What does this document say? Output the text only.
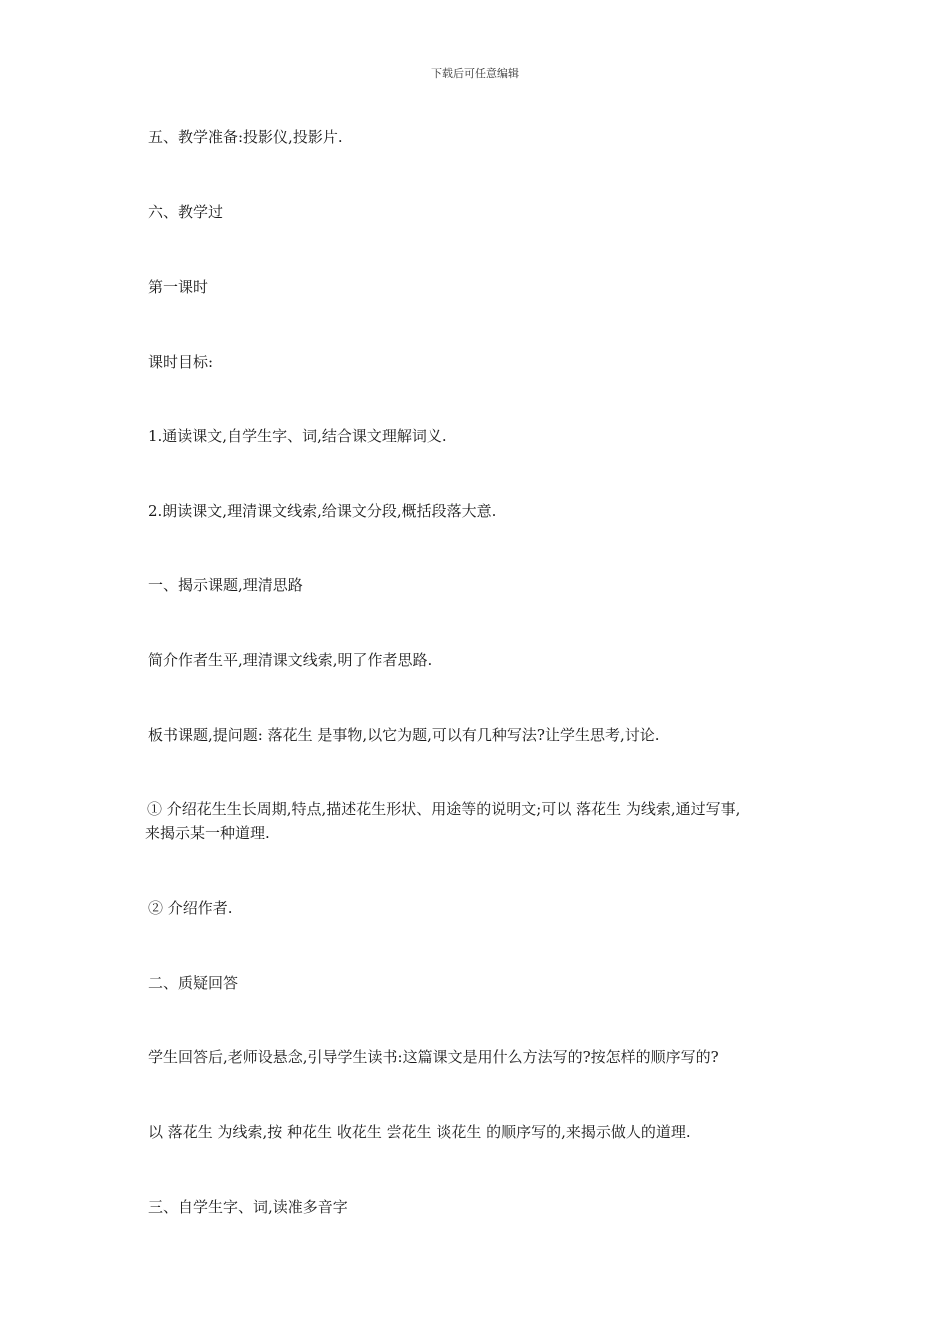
下载后可任意编辑
五、教学准备:投影仪,投影片.
六、教学过
第一课时
课时目标:
1.通读课文,自学生字、词,结合课文理解词义.
2.朗读课文,理清课文线索,给课文分段,概括段落大意.
一、揭示课题,理清思路
简介作者生平,理清课文线索,明了作者思路.
板书课题,提问题: 落花生 是事物,以它为题,可以有几种写法?让学生思考,讨论.
① 介绍花生生长周期,特点,描述花生形状、用途等的说明文;可以 落花生 为线索,通过写事,
来揭示某一种道理.
② 介绍作者.
二、质疑回答
学生回答后,老师设悬念,引导学生读书:这篇课文是用什么方法写的?按怎样的顺序写的?
以 落花生 为线索,按 种花生 收花生 尝花生 谈花生 的顺序写的,来揭示做人的道理.
三、自学生字、词,读准多音字
